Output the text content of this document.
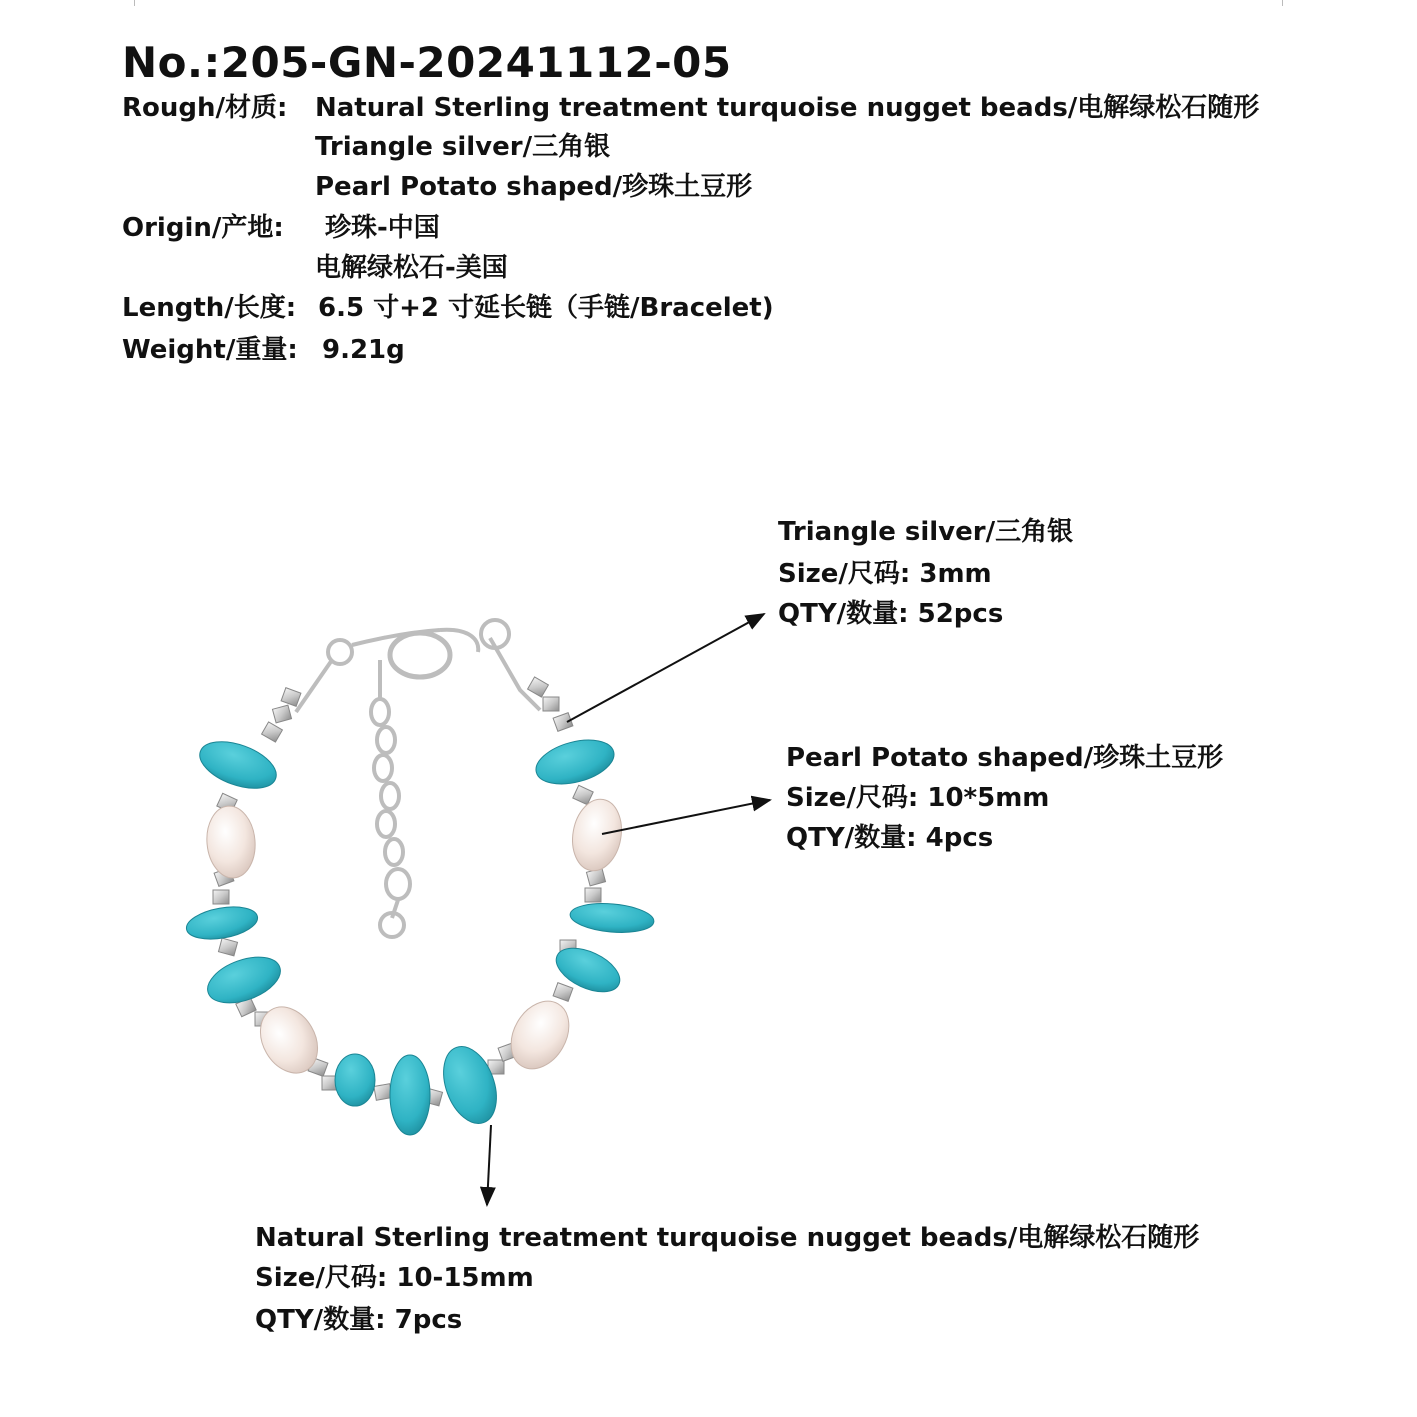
No.:205-GN-20241112-05
Rough/材质: Natural Sterling treatment turquoise nugget beads/电解绿松石随形
Triangle silver/三角银
Pearl Potato shaped/珍珠土豆形
Origin/产地: 珍珠-中国
电解绿松石-美国
Length/长度: 6.5 寸+2 寸延长链（手链/Bracelet)
Weight/重量: 9.21g
Triangle silver/三角银
Size/尺码: 3mm
QTY/数量: 52pcs
Pearl Potato shaped/珍珠土豆形
Size/尺码: 10*5mm
QTY/数量: 4pcs
Natural Sterling treatment turquoise nugget beads/电解绿松石随形
Size/尺码: 10-15mm
QTY/数量: 7pcs
